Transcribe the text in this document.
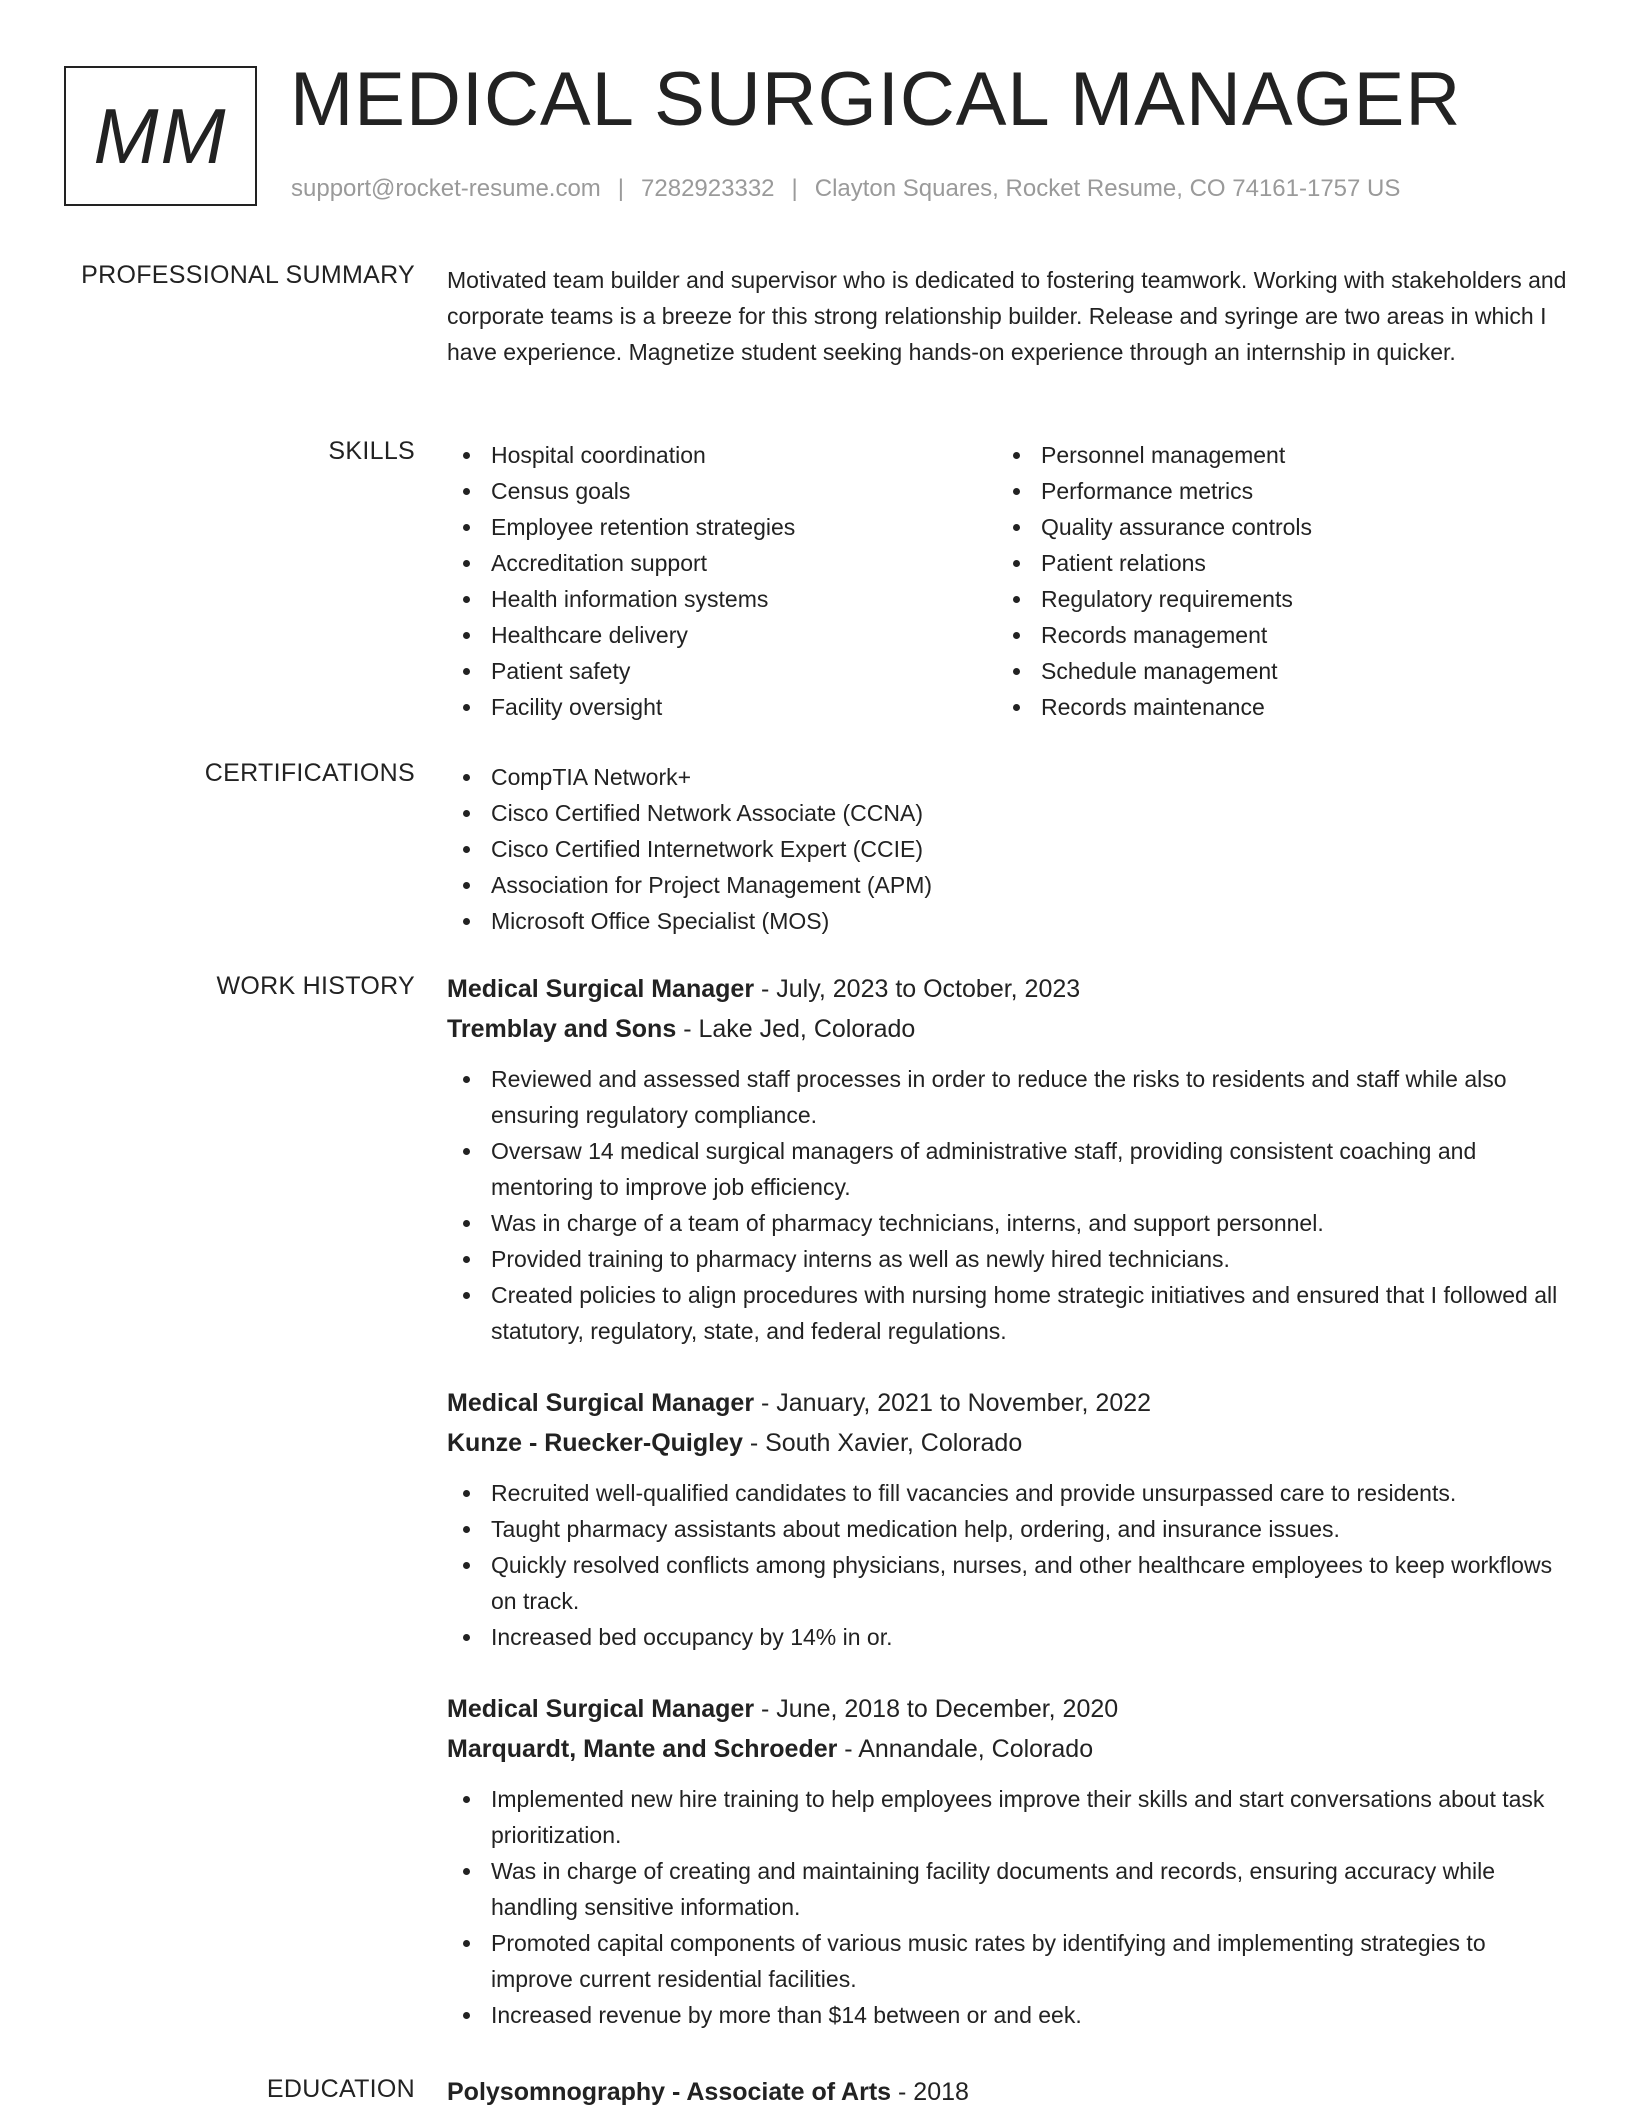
MM MEDICAL SURGICAL MANAGER
support@rocket-resume.com | 7282923332 | Clayton Squares, Rocket Resume, CO 74161-1757 US
PROFESSIONAL SUMMARY Motivated team builder and supervisor who is dedicated to fostering teamwork. Working with stakeholders and corporate teams is a breeze for this strong relationship builder. Release and syringe are two areas in which I have experience. Magnetize student seeking hands-on experience through an internship in quicker.

SKILLS	Hospital coordination
Census goals
Employee retention strategies
Accreditation support
Health information systems
Healthcare delivery
Patient safety
Facility oversight
Personnel management
Performance metrics
Quality assurance controls
Patient relations
Regulatory requirements
Records management
Schedule management
Records maintenance
CERTIFICATIONS	CompTIA Network+
Cisco Certified Network Associate (CCNA)
Cisco Certified Internetwork Expert (CCIE)
Association for Project Management (APM)
Microsoft Office Specialist (MOS)
WORK HISTORY Medical Surgical Manager - July, 2023 to October, 2023
Tremblay and Sons - Lake Jed, Colorado
Reviewed and assessed staff processes in order to reduce the risks to residents and staff while also ensuring regulatory compliance.
Oversaw 14 medical surgical managers of administrative staff, providing consistent coaching and mentoring to improve job efficiency.
Was in charge of a team of pharmacy technicians, interns, and support personnel.
Provided training to pharmacy interns as well as newly hired technicians.
Created policies to align procedures with nursing home strategic initiatives and ensured that I followed all statutory, regulatory, state, and federal regulations.
Medical Surgical Manager - January, 2021 to November, 2022
Kunze - Ruecker-Quigley - South Xavier, Colorado
Recruited well-qualified candidates to fill vacancies and provide unsurpassed care to residents.
Taught pharmacy assistants about medication help, ordering, and insurance issues.
Quickly resolved conflicts among physicians, nurses, and other healthcare employees to keep workflows on track.
Increased bed occupancy by 14% in or.
Medical Surgical Manager - June, 2018 to December, 2020
Marquardt, Mante and Schroeder - Annandale, Colorado
Implemented new hire training to help employees improve their skills and start conversations about task prioritization.
Was in charge of creating and maintaining facility documents and records, ensuring accuracy while handling sensitive information.
Promoted capital components of various music rates by identifying and implementing strategies to improve current residential facilities.
Increased revenue by more than $14 between or and eek.
EDUCATION Polysomnography - Associate of Arts - 2018
